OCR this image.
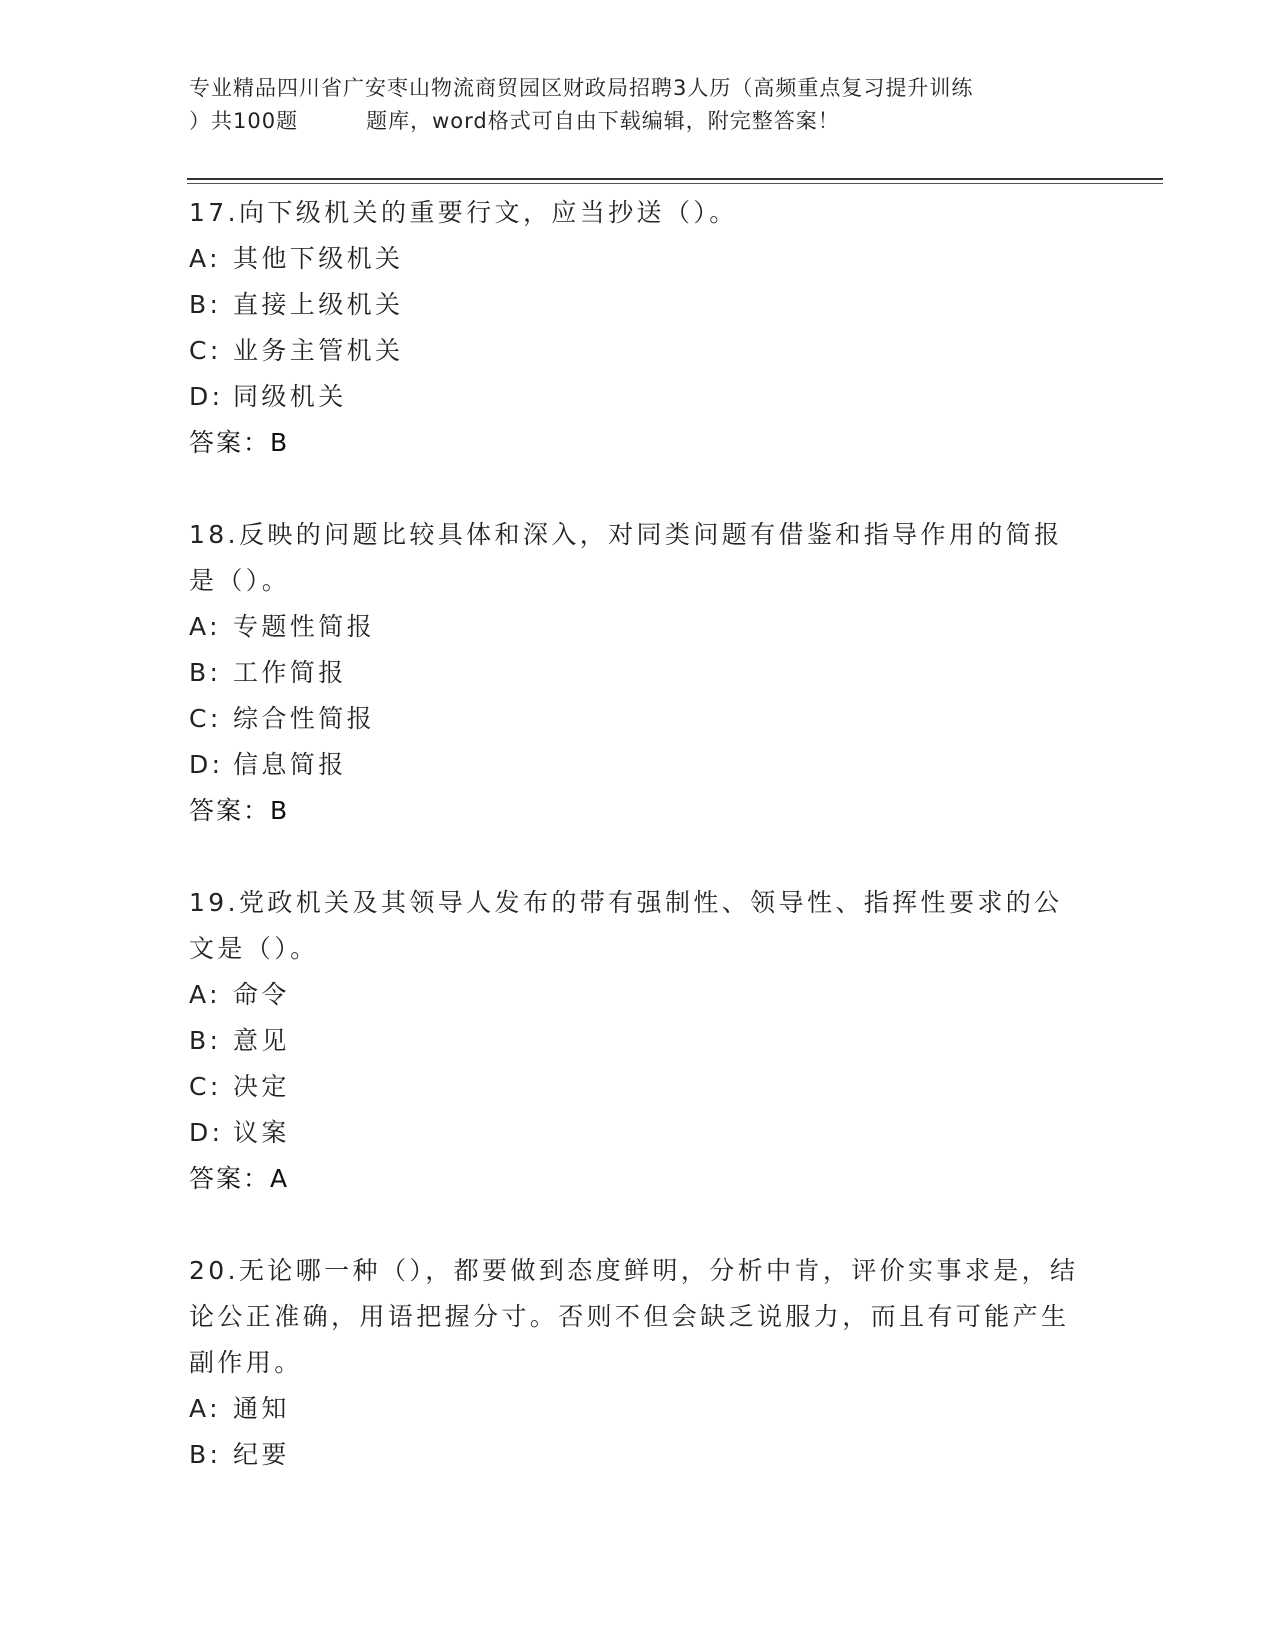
专业精品四川省广安枣山物流商贸园区财政局招聘3人历（高频重点复习提升训练
）共100题	题库，word格式可自由下载编辑，附完整答案！
17.向下级机关的重要行文，应当抄送（）。
A: 其他下级机关
B: 直接上级机关
C: 业务主管机关
D: 同级机关
答案：B
18.反映的问题比较具体和深入，对同类问题有借鉴和指导作用的简报是（）。
A: 专题性简报
B: 工作简报
C: 综合性简报
D: 信息简报
答案：B
19.党政机关及其领导人发布的带有强制性、领导性、指挥性要求的公文是（）。
A: 命令
B: 意见
C: 决定
D: 议案
答案：A
20.无论哪一种（），都要做到态度鲜明，分析中肯，评价实事求是，结论公正准确，用语把握分寸。否则不但会缺乏说服力，而且有可能产生副作用。
A: 通知
B: 纪要
